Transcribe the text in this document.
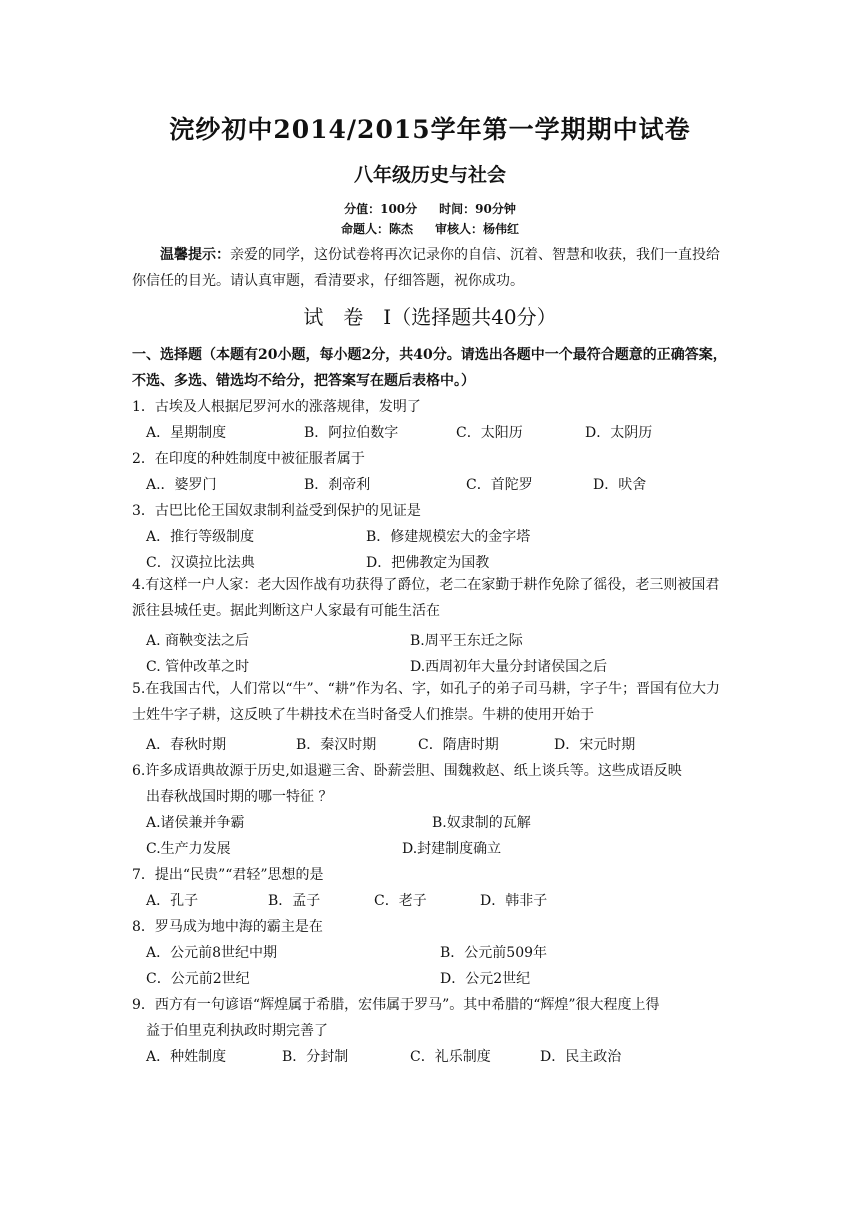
浣纱初中2014/2015学年第一学期期中试卷
八年级历史与社会
分值：100分 时间：90分钟
命题人：陈杰 审核人：杨伟红
温馨提示：亲爱的同学，这份试卷将再次记录你的自信、沉着、智慧和收获，我们一直投给你信任的目光。请认真审题，看清要求，仔细答题，祝你成功。
试　卷　Ⅰ（选择题共40分）
一、选择题（本题有20小题，每小题2分，共40分。请选出各题中一个最符合题意的正确答案，不选、多选、错选均不给分，把答案写在题后表格中。）
1．古埃及人根据尼罗河水的涨落规律，发明了
A．星期制度	B．阿拉伯数字	C．太阳历	D．太阴历
2．在印度的种姓制度中被征服者属于
A.．婆罗门	B．刹帝利	C．首陀罗	D．吠舍
3．古巴比伦王国奴隶制利益受到保护的见证是
A．推行等级制度	B．修建规模宏大的金字塔
C．汉谟拉比法典	D．把佛教定为国教
4.有这样一户人家：老大因作战有功获得了爵位，老二在家勤于耕作免除了徭役，老三则被国君派往县城任吏。据此判断这户人家最有可能生活在
A. 商鞅变法之后	B.周平王东迁之际
C. 管仲改革之时	D.西周初年大量分封诸侯国之后
5.在我国古代，人们常以“牛”、“耕”作为名、字，如孔子的弟子司马耕，字子牛；晋国有位大力士姓牛字子耕，这反映了牛耕技术在当时备受人们推崇。牛耕的使用开始于
A．春秋时期	B．秦汉时期	C．隋唐时期	D．宋元时期
6.许多成语典故源于历史,如退避三舍、卧薪尝胆、围魏救赵、纸上谈兵等。这些成语反映
出春秋战国时期的哪一特征 ？
A.诸侯兼并争霸	B.奴隶制的瓦解
C.生产力发展	D.封建制度确立
7．提出“民贵”“君轻”思想的是
A．孔子	B．孟子	C．老子	D．韩非子
8．罗马成为地中海的霸主是在
A．公元前8世纪中期	B．公元前509年
C．公元前2世纪	D．公元2世纪
9．西方有一句谚语“辉煌属于希腊，宏伟属于罗马”。其中希腊的“辉煌”很大程度上得
益于伯里克利执政时期完善了
A．种姓制度	B．分封制	C．礼乐制度	D．民主政治
